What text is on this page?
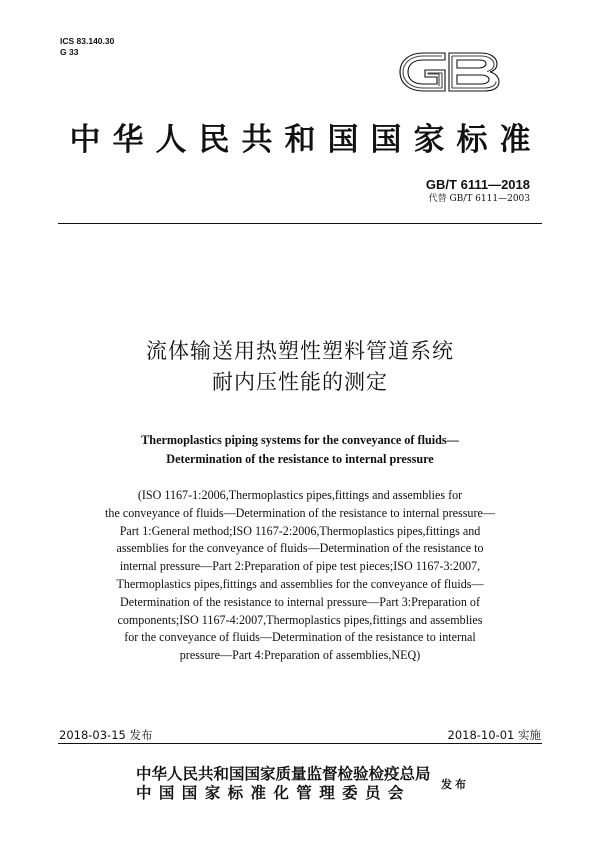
ICS 83.140.30
G 33
中华人民共和国国家标准
GB/T 6111—2018
代替 GB/T 6111—2003
流体输送用热塑性塑料管道系统
耐内压性能的测定
Thermoplastics piping systems for the conveyance of fluids—
Determination of the resistance to internal pressure
(ISO 1167-1:2006,Thermoplastics pipes,fittings and assemblies for
the conveyance of fluids—Determination of the resistance to internal pressure—
Part 1:General method;ISO 1167-2:2006,Thermoplastics pipes,fittings and
assemblies for the conveyance of fluids—Determination of the resistance to
internal pressure—Part 2:Preparation of pipe test pieces;ISO 1167-3:2007,
Thermoplastics pipes,fittings and assemblies for the conveyance of fluids—
Determination of the resistance to internal pressure—Part 3:Preparation of
components;ISO 1167-4:2007,Thermoplastics pipes,fittings and assemblies
for the conveyance of fluids—Determination of the resistance to internal
pressure—Part 4:Preparation of assemblies,NEQ)
2018-03-15 发布	2018-10-01 实施
中华人民共和国国家质量监督检验检疫总局
中国国家标准化管理委员会	发布
